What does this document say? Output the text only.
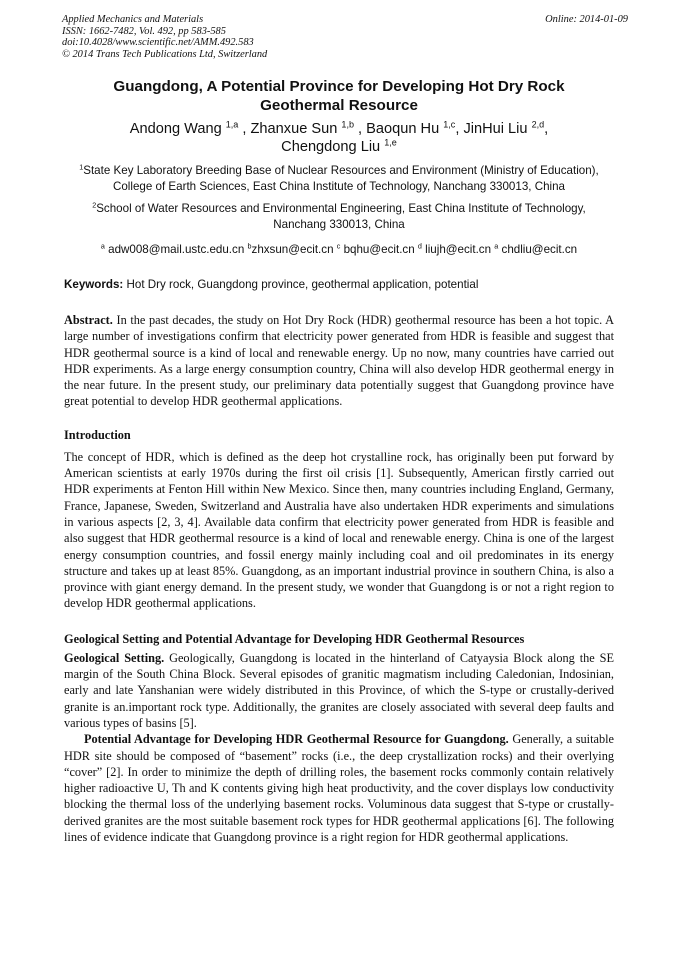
Applied Mechanics and Materials
ISSN: 1662-7482, Vol. 492, pp 583-585
doi:10.4028/www.scientific.net/AMM.492.583
© 2014 Trans Tech Publications Ltd, Switzerland
Online: 2014-01-09
Guangdong, A Potential Province for Developing Hot Dry Rock
Geothermal Resource
Andong Wang $^{1,a}$ , Zhanxue Sun $^{1,b}$ , Baoqun Hu $^{1,c}$, JinHui Liu $^{2,d}$,
Chengdong Liu $^{1,e}$
$^1$State Key Laboratory Breeding Base of Nuclear Resources and Environment (Ministry of Education),
College of Earth Sciences, East China Institute of Technology, Nanchang 330013, China
$^2$School of Water Resources and Environmental Engineering, East China Institute of Technology,
Nanchang 330013, China
$^a$ adw008@mail.ustc.edu.cn $^b$zhxsun@ecit.cn $^c$ bqhu@ecit.cn $^d$ liujh@ecit.cn $^a$ chdliu@ecit.cn
Keywords: Hot Dry rock, Guangdong province, geothermal application, potential

Abstract. In the past decades, the study on Hot Dry Rock (HDR) geothermal resource has been a hot topic. A large number of investigations confirm that electricity power generated from HDR is feasible and suggest that HDR geothermal source is a kind of local and renewable energy. Up no now, many countries have carried out HDR experiments. As a large energy consumption country, China will also develop HDR geothermal energy in the near future. In the present study, our preliminary data potentially suggest that Guangdong province have great potential to develop HDR geothermal applications.

Introduction

The concept of HDR, which is defined as the deep hot crystalline rock, has originally been put forward by American scientists at early 1970s during the first oil crisis [1]. Subsequently, American firstly carried out HDR experiments at Fenton Hill within New Mexico. Since then, many countries including England, Germany, France, Japanese, Sweden, Switzerland and Australia have also undertaken HDR experiments and simulations in various aspects [2, 3, 4]. Available data confirm that electricity power generated from HDR is feasible and also suggest that HDR geothermal resource is a kind of local and renewable energy. China is one of the largest energy consumption countries, and fossil energy mainly including coal and oil predominates in its energy structure and takes up at least 85%. Guangdong, as an important industrial province in southern China, is also a province with giant energy demand. In the present study, we wonder that Guangdong is or not a right region to develop HDR geothermal applications.

Geological Setting and Potential Advantage for Developing HDR Geothermal Resources

Geological Setting. Geologically, Guangdong is located in the hinterland of Catyaysia Block along the SE margin of the South China Block. Several episodes of granitic magmatism including Caledonian, Indosinian, early and late Yanshanian were widely distributed in this Province, of which the S-type or crustally-derived granite is an.important rock type. Additionally, the granites are closely associated with several deep faults and various types of basins [5].

Potential Advantage for Developing HDR Geothermal Resource for Guangdong. Generally, a suitable HDR site should be composed of “basement” rocks (i.e., the deep crystallization rocks) and their overlying “cover” [2]. In order to minimize the depth of drilling roles, the basement rocks commonly contain relatively higher radioactive U, Th and K contents giving high heat productivity, and the cover displays low conductivity blocking the thermal loss of the underlying basement rocks. Voluminous data suggest that S-type or crustally-derived granites are the most suitable basement rock types for HDR geothermal applications [6]. The following lines of evidence indicate that Guangdong province is a right region for HDR geothermal applications.
